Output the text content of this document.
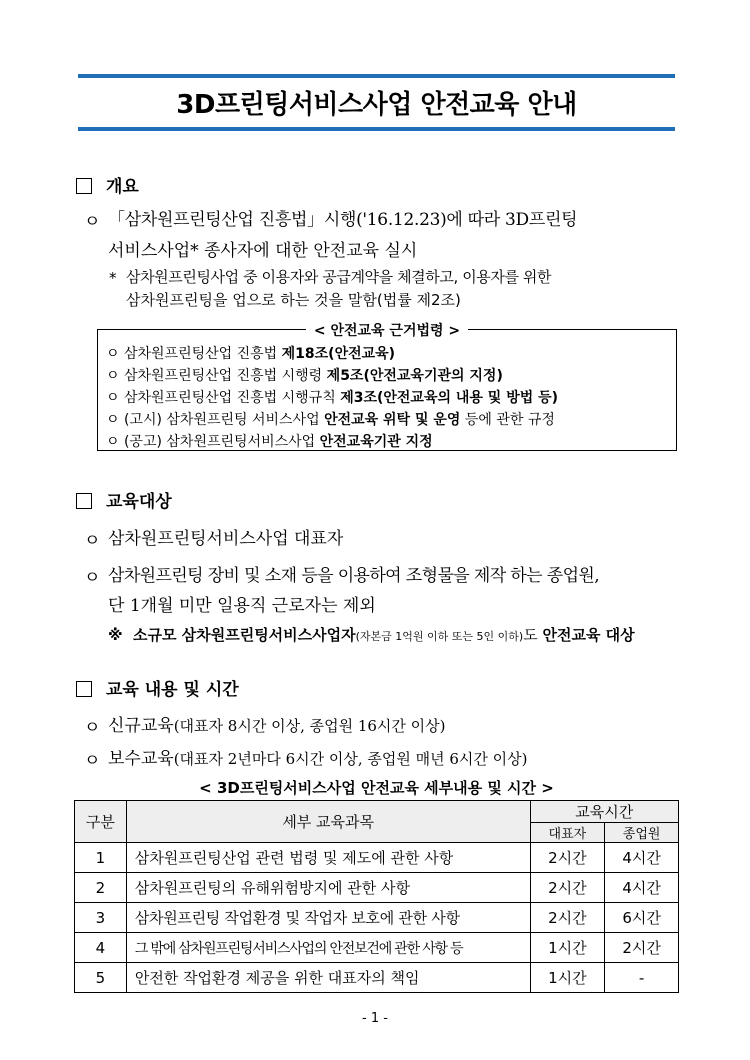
3D프린팅서비스사업 안전교육 안내
개요
ㅇ 「삼차원프린팅산업 진흥법」시행('16.12.23)에 따라 3D프린팅
서비스사업* 종사자에 대한 안전교육 실시
* 삼차원프린팅사업 중 이용자와 공급계약을 체결하고, 이용자를 위한
삼차원프린팅을 업으로 하는 것을 말함(법률 제2조)
< 안전교육 근거법령 >
ㅇ 삼차원프린팅산업 진흥법 제18조(안전교육)
ㅇ 삼차원프린팅산업 진흥법 시행령 제5조(안전교육기관의 지정)
ㅇ 삼차원프린팅산업 진흥법 시행규칙 제3조(안전교육의 내용 및 방법 등)
ㅇ (고시) 삼차원프린팅 서비스사업 안전교육 위탁 및 운영 등에 관한 규정
ㅇ (공고) 삼차원프린팅서비스사업 안전교육기관 지정
교육대상
ㅇ 삼차원프린팅서비스사업 대표자
ㅇ 삼차원프린팅 장비 및 소재 등을 이용하여 조형물을 제작 하는 종업원,
단 1개월 미만 일용직 근로자는 제외
※ 소규모 삼차원프린팅서비스사업자(자본금 1억원 이하 또는 5인 이하)도 안전교육 대상
교육 내용 및 시간
ㅇ 신규교육(대표자 8시간 이상, 종업원 16시간 이상)
ㅇ 보수교육(대표자 2년마다 6시간 이상, 종업원 매년 6시간 이상)
< 3D프린팅서비스사업 안전교육 세부내용 및 시간 >
구분	세부 교육과목	교육시간	
		대표자	종업원
1	삼차원프린팅산업 관련 법령 및 제도에 관한 사항	2시간	4시간
2	삼차원프린팅의 유해위험방지에 관한 사항	2시간	4시간
3	삼차원프린팅 작업환경 및 작업자 보호에 관한 사항	2시간	6시간
4	그 밖에 삼차원프린팅서비스사업의 안전보건에 관한 사항 등	1시간	2시간
5	안전한 작업환경 제공을 위한 대표자의 책임	1시간	-
- 1 -
